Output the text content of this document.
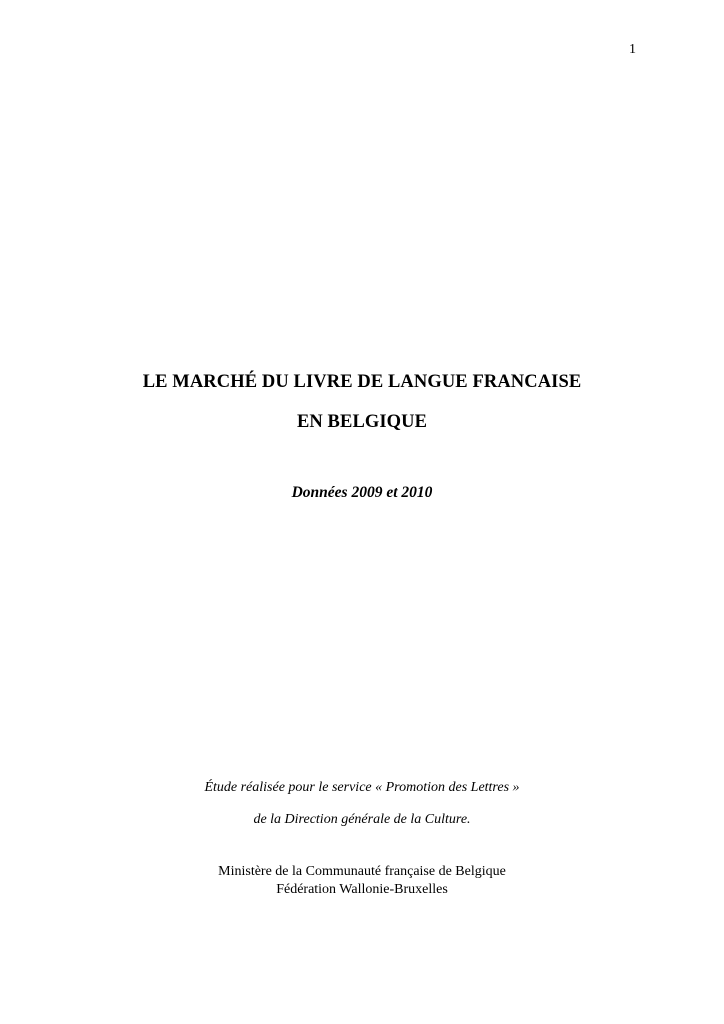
1
LE MARCHÉ DU LIVRE DE LANGUE FRANCAISE
EN BELGIQUE
Données 2009 et 2010
Étude réalisée pour le service « Promotion des Lettres »
de la Direction générale de la Culture.
Ministère de la Communauté française de Belgique
Fédération Wallonie-Bruxelles
